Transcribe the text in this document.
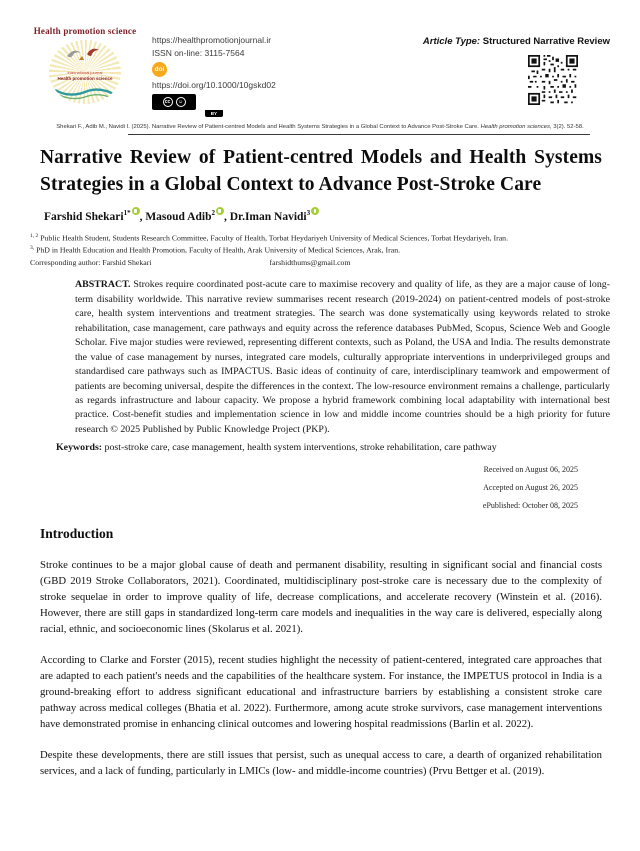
Health promotion science
international journal
Health promotion science
https://healthpromotionjournal.ir
ISSN on-line: 3115-7564
doi
https://doi.org/10.1000/10gskd02
cc	☺
BY
Article Type: Structured Narrative Review
Shekari F., Adib M., Navidi I. (2025). Narrative Review of Patient-centred Models and Health Systems Strategies in a Global Context to Advance Post-Stroke Care. Health promotion sciences, 3(2). 52-58.
Narrative Review of Patient-centred Models and Health Systems Strategies in a Global Context to Advance Post-Stroke Care
Farshid Shekari$^{1*}$ , Masoud Adib$^2$ , Dr.Iman Navidi$^3$
$^{1, 2}$ Public Health Student, Students Research Committee, Faculty of Health, Torbat Heydariyeh University of Medical Sciences, Torbat Heydariyeh, Iran.
$^{3,}$ PhD in Health Education and Health Promotion, Faculty of Health, Arak University of Medical Sciences, Arak, Iran.
Corresponding author: Farshid Shekari	farshidthums@gmail.com
ABSTRACT. Strokes require coordinated post-acute care to maximise recovery and quality of life, as they are a major cause of long-term disability worldwide. This narrative review summarises recent research (2019-2024) on patient-centred models of post-stroke care, health system interventions and treatment strategies. The search was done systematically using keywords related to stroke rehabilitation, case management, care pathways and equity across the reference databases PubMed, Scopus, Science Web and Google Scholar. Five major studies were reviewed, representing different contexts, such as Poland, the USA and India. The results demonstrate the value of case management by nurses, integrated care models, culturally appropriate interventions in underprivileged groups and standardised care pathways such as IMPACTUS. Basic ideas of continuity of care, interdisciplinary teamwork and empowerment of patients are becoming universal, despite the differences in the context. The low-resource environment remains a challenge, particularly as regards infrastructure and labour capacity. We propose a hybrid framework combining local adaptability with international best practice. Cost-benefit studies and implementation science in low and middle income countries should be a high priority for future research © 2025 Published by Public Knowledge Project (PKP).
Keywords: post-stroke care, case management, health system interventions, stroke rehabilitation, care pathway
Received on August 06, 2025
Accepted on August 26, 2025
ePublished: October 08, 2025
Introduction
Stroke continues to be a major global cause of death and permanent disability, resulting in significant social and financial costs (GBD 2019 Stroke Collaborators, 2021). Coordinated, multidisciplinary post-stroke care is necessary due to the complexity of stroke sequelae in order to improve quality of life, decrease complications, and accelerate recovery (Winstein et al. (2016). However, there are still gaps in standardized long-term care models and inequalities in the way care is delivered, especially along racial, ethnic, and socioeconomic lines (Skolarus et al. 2021).
According to Clarke and Forster (2015), recent studies highlight the necessity of patient-centered, integrated care approaches that are adapted to each patient's needs and the capabilities of the healthcare system. For instance, the IMPETUS protocol in India is a ground-breaking effort to address significant educational and infrastructure barriers by establishing a consistent stroke care pathway across medical colleges (Bhatia et al. 2022). Furthermore, among acute stroke survivors, case management interventions have demonstrated promise in enhancing clinical outcomes and lowering hospital readmissions (Barlin et al. 2022).
Despite these developments, there are still issues that persist, such as unequal access to care, a dearth of organized rehabilitation services, and a lack of funding, particularly in LMICs (low- and middle-income countries) (Prvu Bettger et al. (2019).
